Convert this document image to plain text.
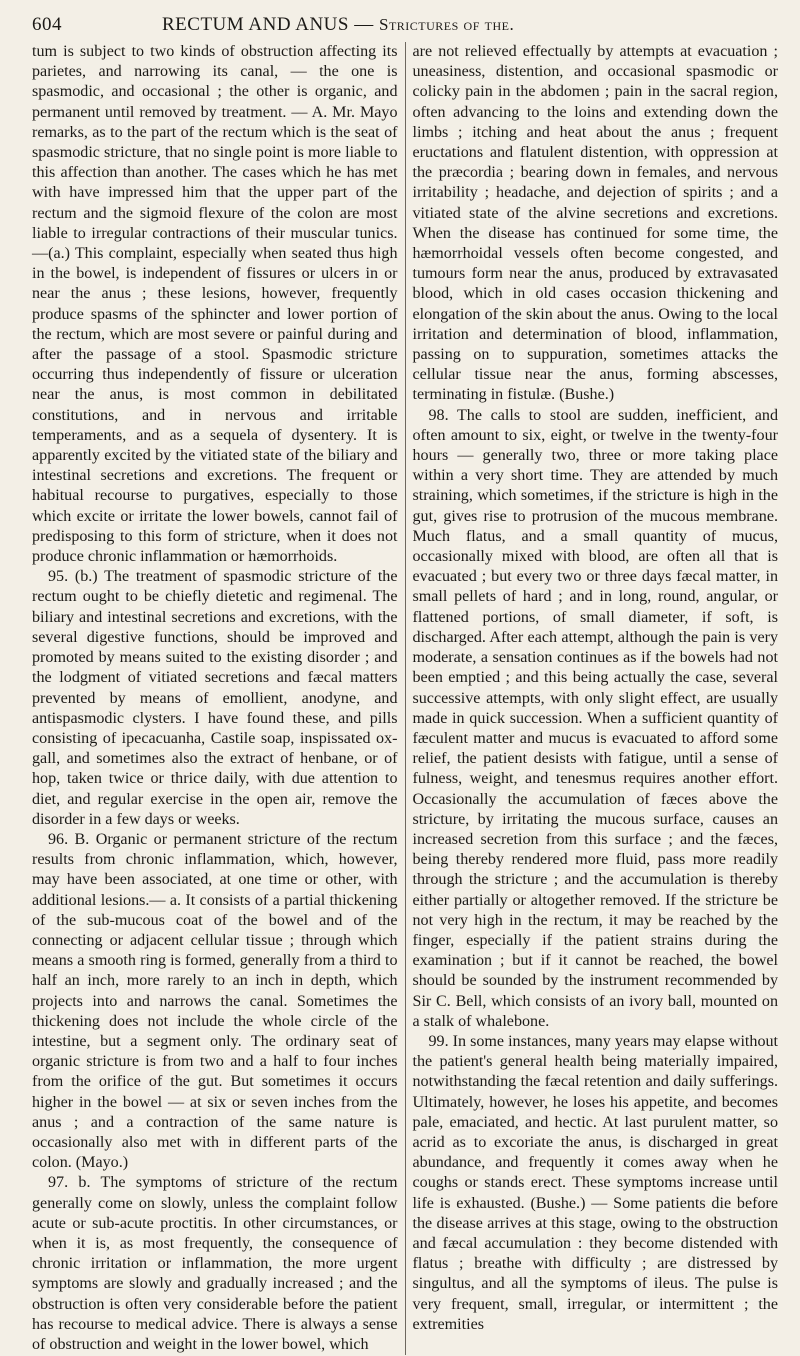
604	RECTUM AND ANUS — Strictures of the.

tum is subject to two kinds of obstruction affecting its parietes, and narrowing its canal, — the one is spasmodic, and occasional ; the other is organic, and permanent until removed by treatment. — A. Mr. Mayo remarks, as to the part of the rectum which is the seat of spasmodic stricture, that no single point is more liable to this affection than another. The cases which he has met with have impressed him that the upper part of the rectum and the sigmoid flexure of the colon are most liable to irregular contractions of their muscular tunics. —(a.) This complaint, especially when seated thus high in the bowel, is independent of fissures or ulcers in or near the anus ; these lesions, however, frequently produce spasms of the sphincter and lower portion of the rectum, which are most severe or painful during and after the passage of a stool. Spasmodic stricture occurring thus independently of fissure or ulceration near the anus, is most common in debilitated constitutions, and in nervous and irritable temperaments, and as a sequela of dysentery. It is apparently excited by the vitiated state of the biliary and intestinal secretions and excretions. The frequent or habitual recourse to purgatives, especially to those which excite or irritate the lower bowels, cannot fail of predisposing to this form of stricture, when it does not produce chronic inflammation or hæmorrhoids.

95. (b.) The treatment of spasmodic stricture of the rectum ought to be chiefly dietetic and regimenal. The biliary and intestinal secretions and excretions, with the several digestive functions, should be improved and promoted by means suited to the existing disorder ; and the lodgment of vitiated secretions and fæcal matters prevented by means of emollient, anodyne, and antispasmodic clysters. I have found these, and pills consisting of ipecacuanha, Castile soap, inspissated ox-gall, and sometimes also the extract of henbane, or of hop, taken twice or thrice daily, with due attention to diet, and regular exercise in the open air, remove the disorder in a few days or weeks.

96. B. Organic or permanent stricture of the rectum results from chronic inflammation, which, however, may have been associated, at one time or other, with additional lesions.— a. It consists of a partial thickening of the sub-mucous coat of the bowel and of the connecting or adjacent cellular tissue ; through which means a smooth ring is formed, generally from a third to half an inch, more rarely to an inch in depth, which projects into and narrows the canal. Sometimes the thickening does not include the whole circle of the intestine, but a segment only. The ordinary seat of organic stricture is from two and a half to four inches from the orifice of the gut. But sometimes it occurs higher in the bowel — at six or seven inches from the anus ; and a contraction of the same nature is occasionally also met with in different parts of the colon. (Mayo.)

97. b. The symptoms of stricture of the rectum generally come on slowly, unless the complaint follow acute or sub-acute proctitis. In other circumstances, or when it is, as most frequently, the consequence of chronic irritation or inflammation, the more urgent symptoms are slowly and gradually increased ; and the obstruction is often very considerable before the patient has recourse to medical advice. There is always a sense of obstruction and weight in the lower bowel, which

are not relieved effectually by attempts at evacuation ; uneasiness, distention, and occasional spasmodic or colicky pain in the abdomen ; pain in the sacral region, often advancing to the loins and extending down the limbs ; itching and heat about the anus ; frequent eructations and flatulent distention, with oppression at the præcordia ; bearing down in females, and nervous irritability ; headache, and dejection of spirits ; and a vitiated state of the alvine secretions and excretions. When the disease has continued for some time, the hæmorrhoidal vessels often become congested, and tumours form near the anus, produced by extravasated blood, which in old cases occasion thickening and elongation of the skin about the anus. Owing to the local irritation and determination of blood, inflammation, passing on to suppuration, sometimes attacks the cellular tissue near the anus, forming abscesses, terminating in fistulæ. (Bushe.)

98. The calls to stool are sudden, inefficient, and often amount to six, eight, or twelve in the twenty-four hours — generally two, three or more taking place within a very short time. They are attended by much straining, which sometimes, if the stricture is high in the gut, gives rise to protrusion of the mucous membrane. Much flatus, and a small quantity of mucus, occasionally mixed with blood, are often all that is evacuated ; but every two or three days fæcal matter, in small pellets of hard ; and in long, round, angular, or flattened portions, of small diameter, if soft, is discharged. After each attempt, although the pain is very moderate, a sensation continues as if the bowels had not been emptied ; and this being actually the case, several successive attempts, with only slight effect, are usually made in quick succession. When a sufficient quantity of fæculent matter and mucus is evacuated to afford some relief, the patient desists with fatigue, until a sense of fulness, weight, and tenesmus requires another effort. Occasionally the accumulation of fæces above the stricture, by irritating the mucous surface, causes an increased secretion from this surface ; and the fæces, being thereby rendered more fluid, pass more readily through the stricture ; and the accumulation is thereby either partially or altogether removed. If the stricture be not very high in the rectum, it may be reached by the finger, especially if the patient strains during the examination ; but if it cannot be reached, the bowel should be sounded by the instrument recommended by Sir C. Bell, which consists of an ivory ball, mounted on a stalk of whalebone.

99. In some instances, many years may elapse without the patient's general health being materially impaired, notwithstanding the fæcal retention and daily sufferings. Ultimately, however, he loses his appetite, and becomes pale, emaciated, and hectic. At last purulent matter, so acrid as to excoriate the anus, is discharged in great abundance, and frequently it comes away when he coughs or stands erect. These symptoms increase until life is exhausted. (Bushe.) — Some patients die before the disease arrives at this stage, owing to the obstruction and fæcal accumulation : they become distended with flatus ; breathe with difficulty ; are distressed by singultus, and all the symptoms of ileus. The pulse is very frequent, small, irregular, or intermittent ; the extremities
